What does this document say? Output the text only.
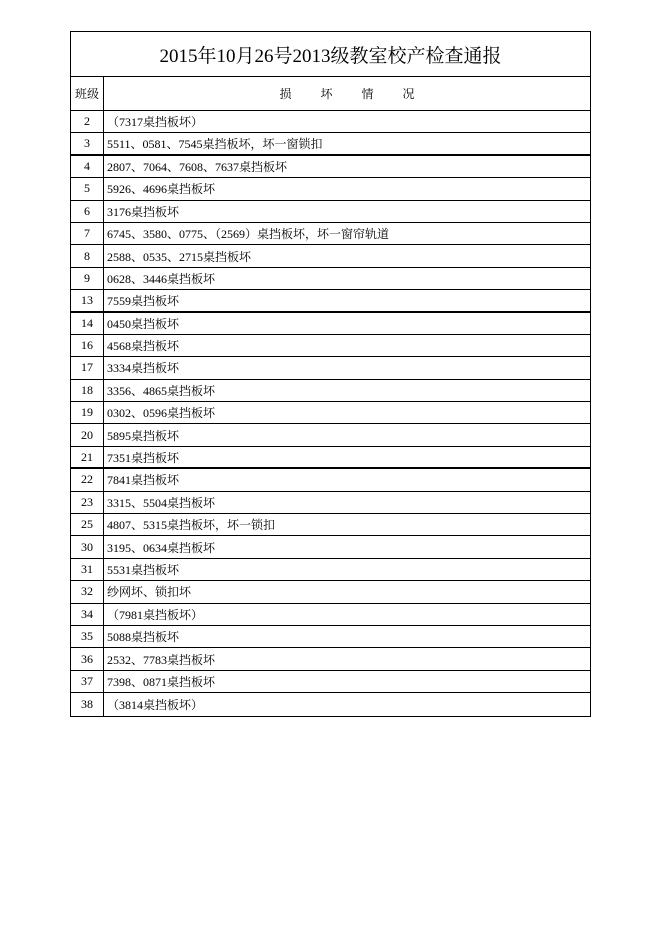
2015年10月26号2013级教室校产检查通报
班级	损 坏 情 况
2	（7317桌挡板坏）
3	5511、0581、7545桌挡板坏，坏一窗锁扣
4	2807、7064、7608、7637桌挡板坏
5	5926、4696桌挡板坏
6	3176桌挡板坏
7	6745、3580、0775、（2569）桌挡板坏，坏一窗帘轨道
8	2588、0535、2715桌挡板坏
9	0628、3446桌挡板坏
13	7559桌挡板坏
14	0450桌挡板坏
16	4568桌挡板坏
17	3334桌挡板坏
18	3356、4865桌挡板坏
19	0302、0596桌挡板坏
20	5895桌挡板坏
21	7351桌挡板坏
22	7841桌挡板坏
23	3315、5504桌挡板坏
25	4807、5315桌挡板坏，坏一锁扣
30	3195、0634桌挡板坏
31	5531桌挡板坏
32	纱网坏、锁扣坏
34	（7981桌挡板坏）
35	5088桌挡板坏
36	2532、7783桌挡板坏
37	7398、0871桌挡板坏
38	（3814桌挡板坏）
